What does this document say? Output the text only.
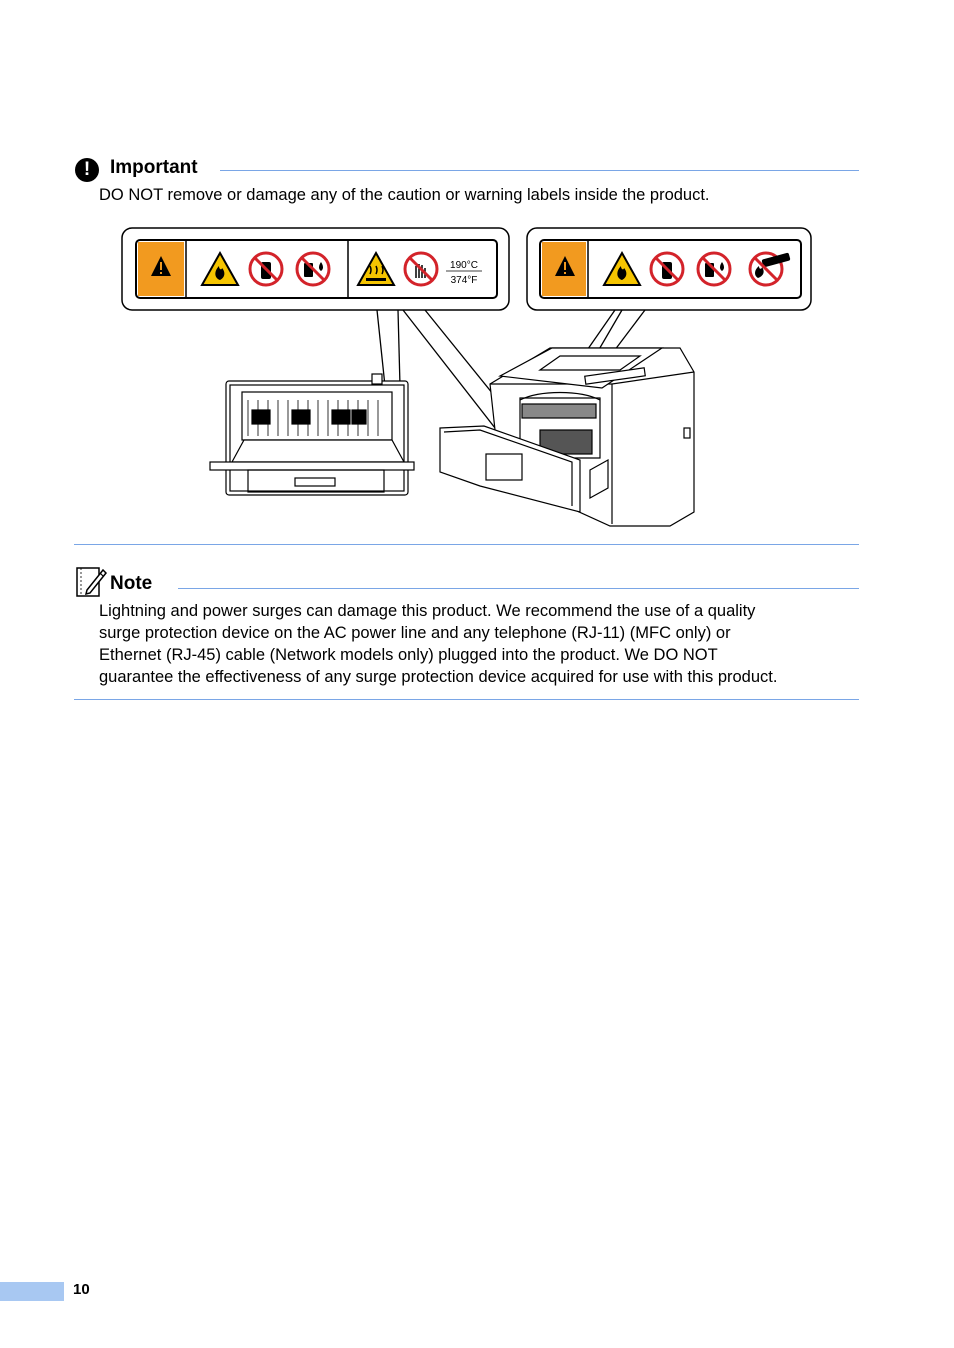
!	Important
DO NOT remove or damage any of the caution or warning labels inside the product.
190°C
374°F
Note
Lightning and power surges can damage this product. We recommend the use of a quality
surge protection device on the AC power line and any telephone (RJ-11) (MFC only) or
Ethernet (RJ-45) cable (Network models only) plugged into the product. We DO NOT
guarantee the effectiveness of any surge protection device acquired for use with this product.
10
